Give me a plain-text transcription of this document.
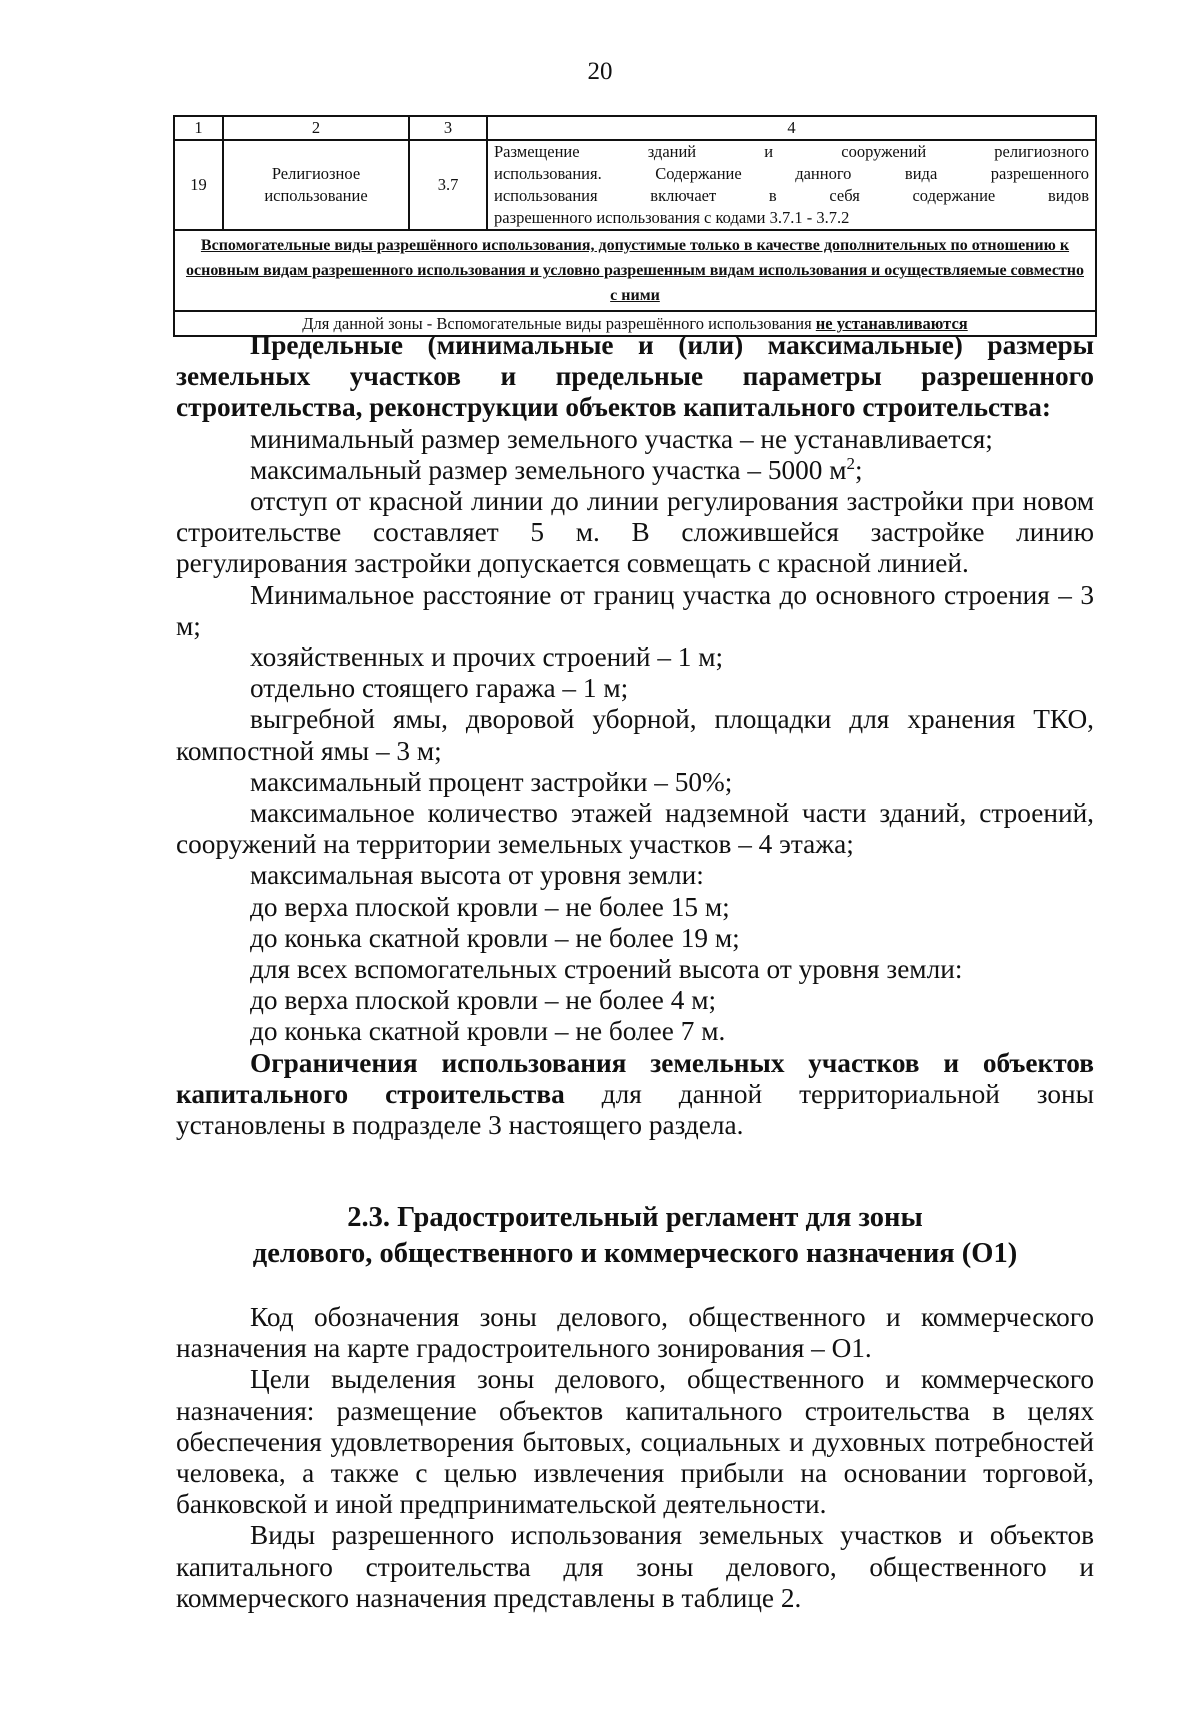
20
1	2	3	4
19	Религиозное использование	3.7	Размещение зданий и сооружений религиозного
использования. Содержание данного вида разрешенного
использования включает в себя содержание видов
разрешенного использования с кодами 3.7.1 - 3.7.2

Вспомогательные виды разрешённого использования, допустимые только в качестве дополнительных по отношению к основным видам разрешенного использования и условно разрешенным видам использования и осуществляемые совместно с ними			
Для данной зоны - Вспомогательные виды разрешённого использования не устанавливаются			

Предельные (минимальные и (или) максимальные) размеры земельных участков и предельные параметры разрешенного строительства, реконструкции объектов капитального строительства:

минимальный размер земельного участка – не устанавливается;

максимальный размер земельного участка – 5000 $м^2$;

отступ от красной линии до линии регулирования застройки при новом строительстве составляет 5 м. В сложившейся застройке линию регулирования застройки допускается совмещать с красной линией.

Минимальное расстояние от границ участка до основного строения – 3 м;

хозяйственных и прочих строений – 1 м;

отдельно стоящего гаража – 1 м;

выгребной ямы, дворовой уборной, площадки для хранения ТКО, компостной ямы – 3 м;

максимальный процент застройки – 50%;

максимальное количество этажей надземной части зданий, строений, сооружений на территории земельных участков – 4 этажа;

максимальная высота от уровня земли:

до верха плоской кровли – не более 15 м;

до конька скатной кровли – не более 19 м;

для всех вспомогательных строений высота от уровня земли:

до верха плоской кровли – не более 4 м;

до конька скатной кровли – не более 7 м.

Ограничения использования земельных участков и объектов капитального строительства для данной территориальной зоны установлены в подразделе 3 настоящего раздела.

2.3. Градостроительный регламент для зоны
делового, общественного и коммерческого назначения (О1)

Код обозначения зоны делового, общественного и коммерческого назначения на карте градостроительного зонирования – О1.

Цели выделения зоны делового, общественного и коммерческого назначения: размещение объектов капитального строительства в целях обеспечения удовлетворения бытовых, социальных и духовных потребностей человека, а также с целью извлечения прибыли на основании торговой, банковской и иной предпринимательской деятельности.

Виды разрешенного использования земельных участков и объектов капитального строительства для зоны делового, общественного и коммерческого назначения представлены в таблице 2.
